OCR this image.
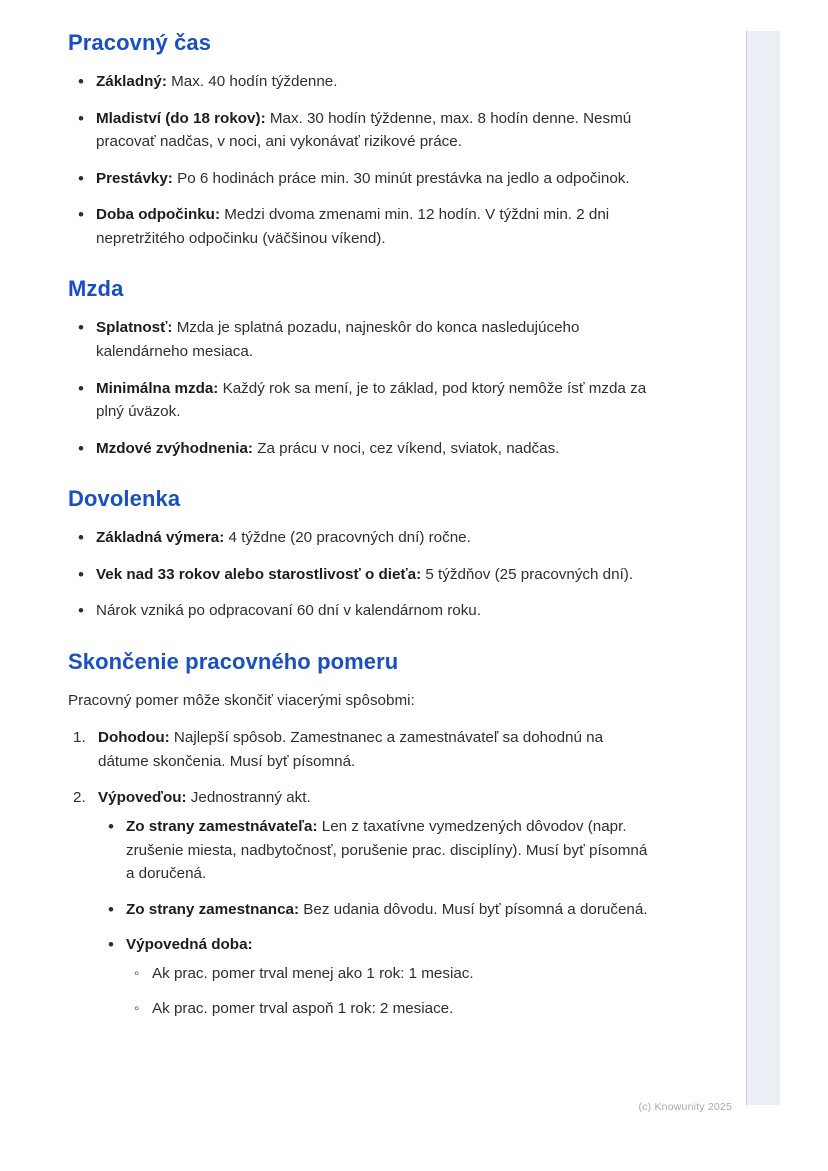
Pracovný čas
• Základný: Max. 40 hodín týždenne.
• Mladiství (do 18 rokov): Max. 30 hodín týždenne, max. 8 hodín denne. Nesmú pracovať nadčas, v noci, ani vykonávať rizikové práce.
• Prestávky: Po 6 hodinách práce min. 30 minút prestávka na jedlo a odpočinok.
• Doba odpočinku: Medzi dvoma zmenami min. 12 hodín. V týždni min. 2 dni nepretržitého odpočinku (väčšinou víkend).
Mzda
• Splatnosť: Mzda je splatná pozadu, najneskôr do konca nasledujúceho kalendárneho mesiaca.
• Minimálna mzda: Každý rok sa mení, je to základ, pod ktorý nemôže ísť mzda za plný úväzok.
• Mzdové zvýhodnenia: Za prácu v noci, cez víkend, sviatok, nadčas.
Dovolenka
• Základná výmera: 4 týždne (20 pracovných dní) ročne.
• Vek nad 33 rokov alebo starostlivosť o dieťa: 5 týždňov (25 pracovných dní).
• Nárok vzniká po odpracovaní 60 dní v kalendárnom roku.
Skončenie pracovného pomeru

Pracovný pomer môže skončiť viacerými spôsobmi:

Dohodou: Najlepší spôsob. Zamestnanec a zamestnávateľ sa dohodnú na dátume skončenia. Musí byť písomná.
Výpoveďou: Jednostranný akt.
• Zo strany zamestnávateľa: Len z taxatívne vymedzených dôvodov (napr. zrušenie miesta, nadbytočnosť, porušenie prac. disciplíny). Musí byť písomná a doručená.
• Zo strany zamestnanca: Bez udania dôvodu. Musí byť písomná a doručená.
• Výpovedná doba:
◦ Ak prac. pomer trval menej ako 1 rok: 1 mesiac.
◦ Ak prac. pomer trval aspoň 1 rok: 2 mesiace.
(c) Knowunity 2025
